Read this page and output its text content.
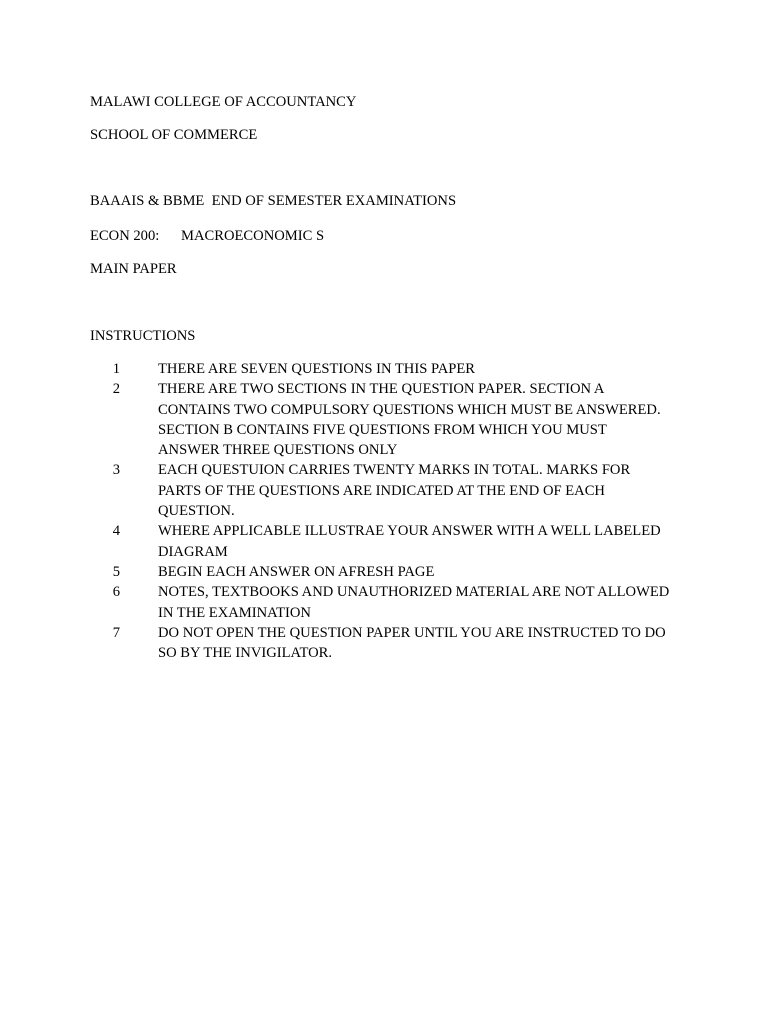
MALAWI COLLEGE OF ACCOUNTANCY
SCHOOL OF COMMERCE
BAAAIS & BBME  END OF SEMESTER EXAMINATIONS
ECON 200: MACROECONOMIC S
MAIN PAPER
INSTRUCTIONS
1	THERE ARE SEVEN QUESTIONS IN THIS PAPER
2	THERE ARE TWO SECTIONS IN THE QUESTION PAPER. SECTION A CONTAINS TWO COMPULSORY QUESTIONS WHICH MUST BE ANSWERED. SECTION B CONTAINS FIVE QUESTIONS FROM WHICH YOU MUST ANSWER THREE QUESTIONS ONLY
3	EACH QUESTUION CARRIES TWENTY MARKS IN TOTAL. MARKS FOR PARTS OF THE QUESTIONS ARE INDICATED AT THE END OF EACH QUESTION.
4	WHERE APPLICABLE ILLUSTRAE YOUR ANSWER WITH A WELL LABELED DIAGRAM
5	BEGIN EACH ANSWER ON AFRESH PAGE
6	NOTES, TEXTBOOKS AND UNAUTHORIZED MATERIAL ARE NOT ALLOWED IN THE EXAMINATION
7	DO NOT OPEN THE QUESTION PAPER UNTIL YOU ARE INSTRUCTED TO DO SO BY THE INVIGILATOR.
